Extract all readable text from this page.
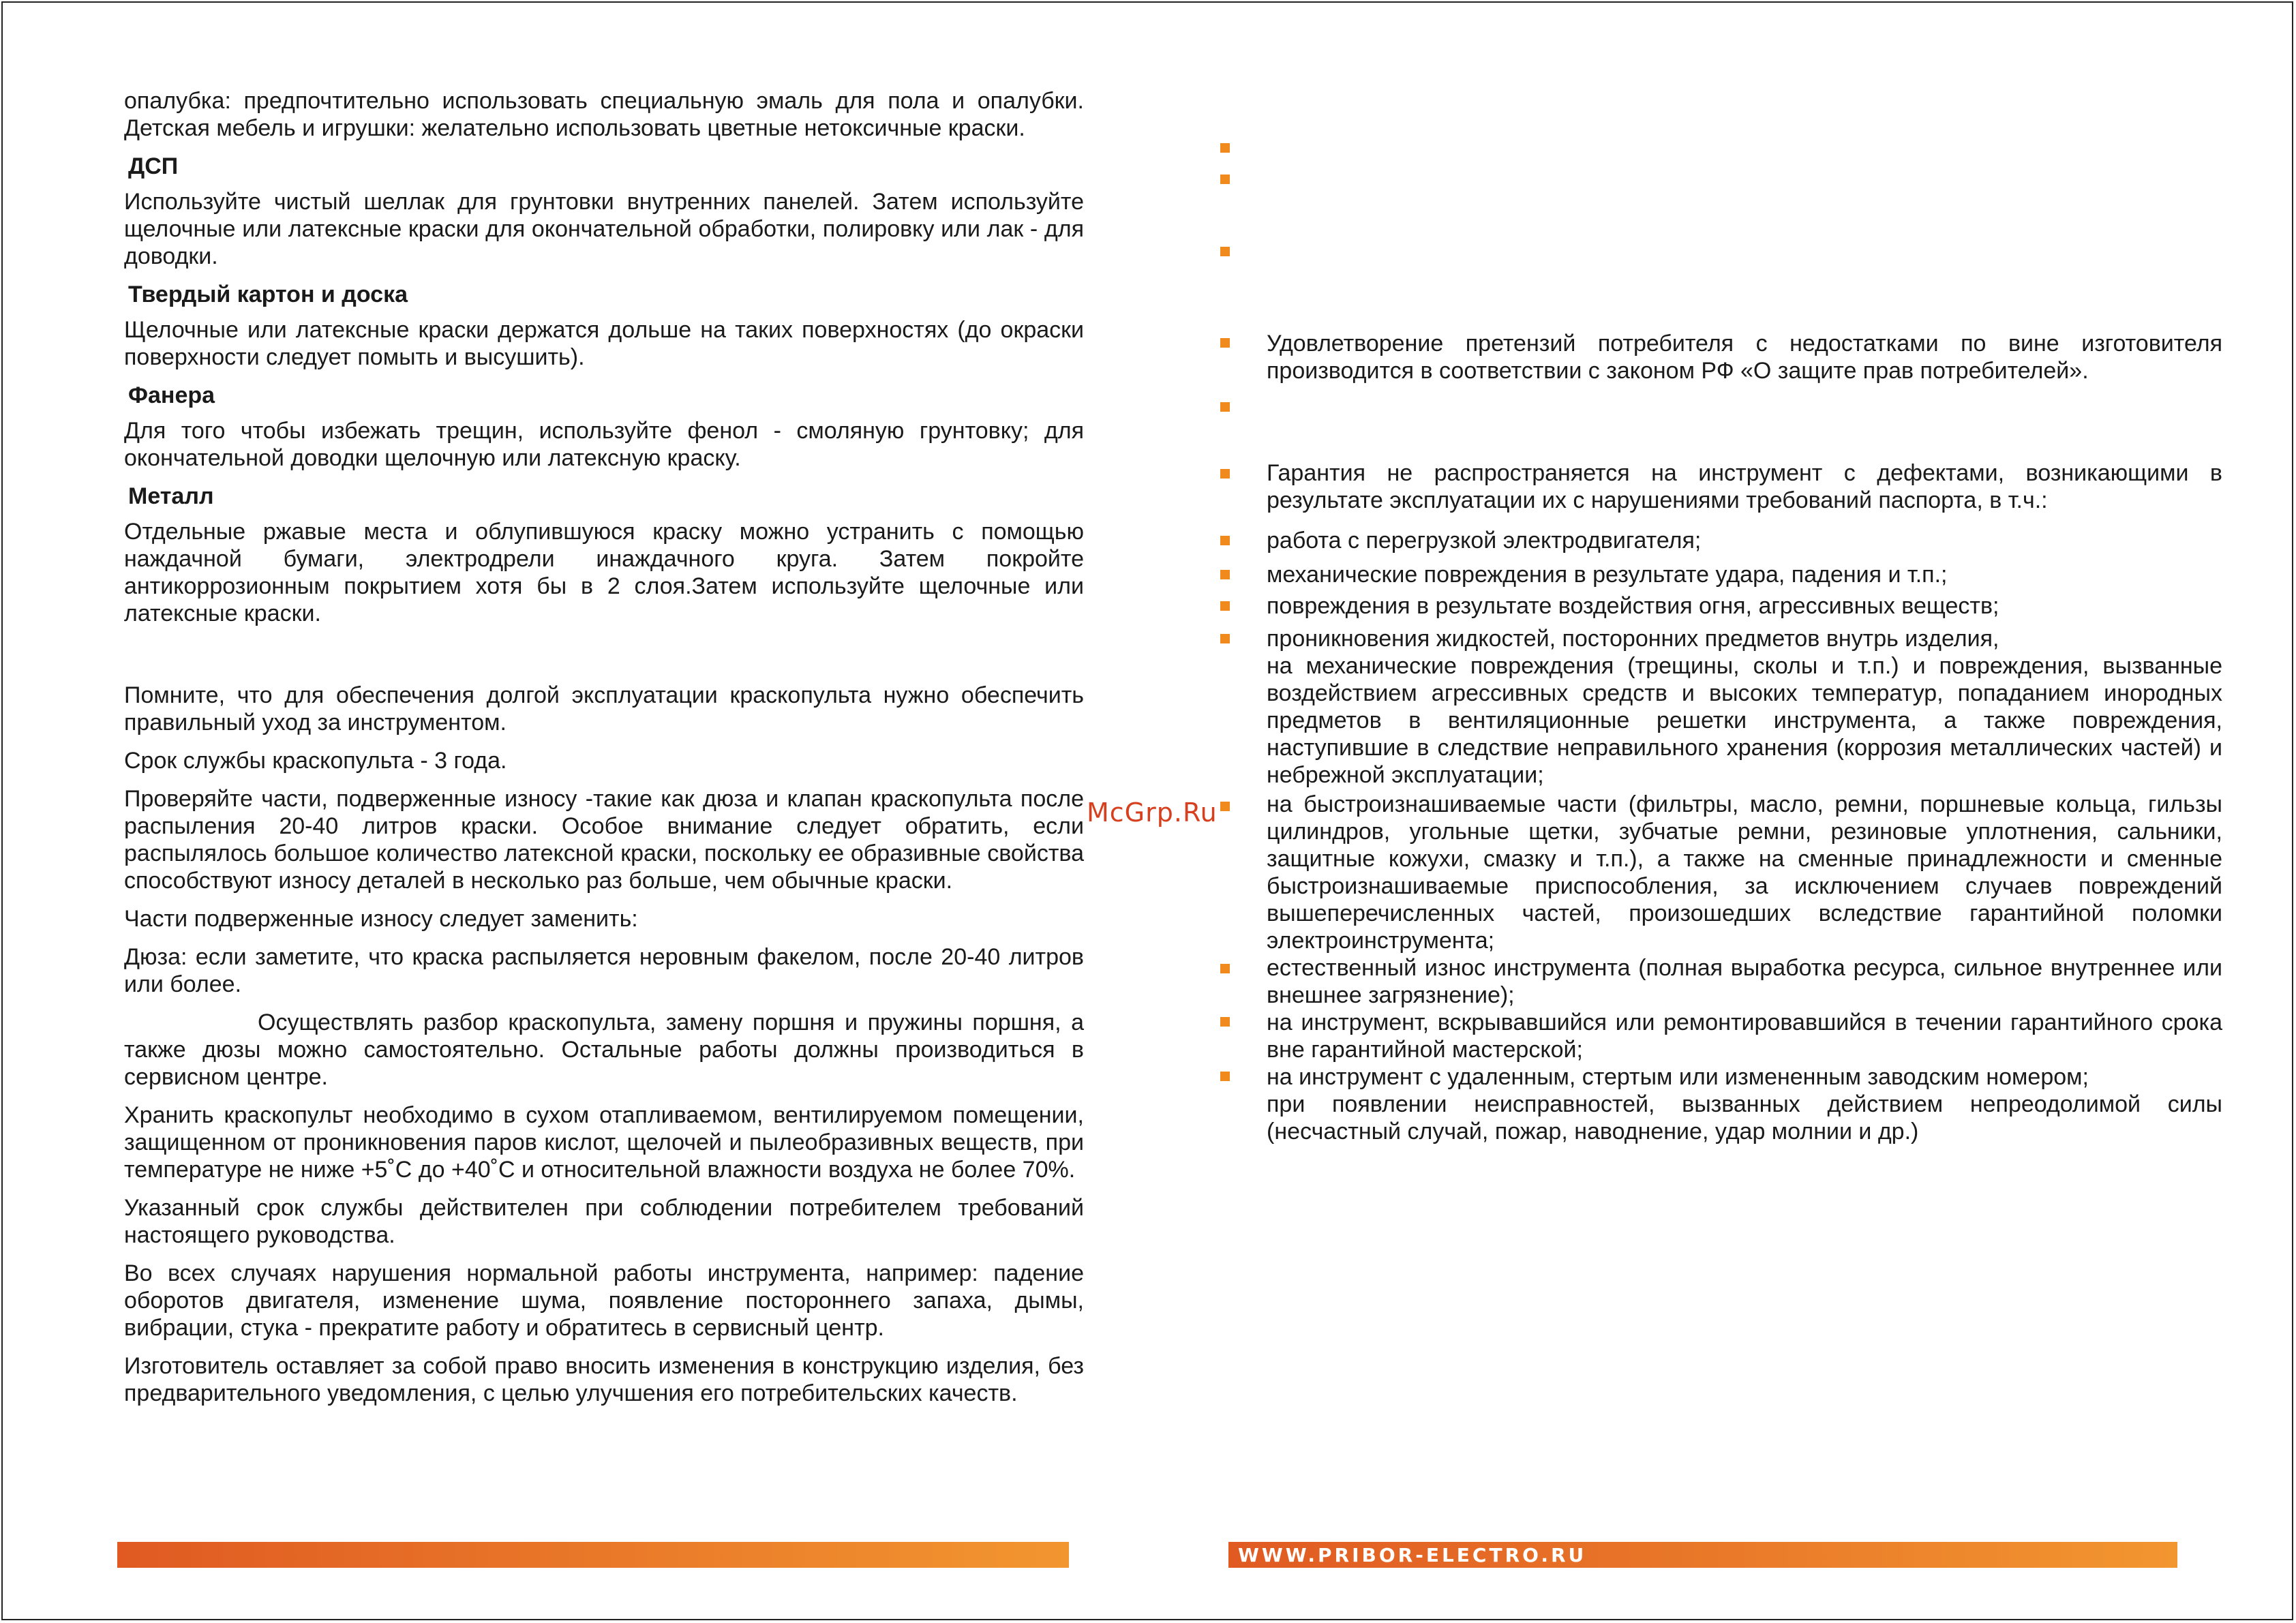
опалубка: предпочтительно использовать специальную эмаль для пола и опалубки. Детская мебель и игрушки: желательно использовать цветные нетоксичные краски.

ДСП

Используйте чистый шеллак для грунтовки внутренних панелей. Затем используйте щелочные или латексные краски для окончательной обработки, полировку или лак - для доводки.

Твердый картон и доска

Щелочные или латексные краски держатся дольше на таких поверхностях (до окраски поверхности следует помыть и высушить).

Фанера

Для того чтобы избежать трещин, используйте фенол - смоляную грунтовку; для окончательной доводки щелочную или латексную краску.

Металл

Отдельные ржавые места и облупившуюся краску можно устранить с помощью наждачной бумаги, электродрели инаждачного круга. Затем покройте антикоррозионным покрытием хотя бы в 2 слоя.Затем используйте щелочные или латексные краски.

Помните, что для обеспечения долгой эксплуатации краскопульта нужно обеспечить правильный уход за инструментом.

Срок службы краскопульта - 3 года.

Проверяйте части, подверженные износу -такие как дюза и клапан краскопульта после распыления 20-40 литров краски. Особое внимание следует обратить, если распылялось большое количество латексной краски, поскольку ее образивные свойства способствуют износу деталей в несколько раз больше, чем обычные краски.

Части подверженные износу следует заменить:

Дюза: если заметите, что краска распыляется неровным факелом, после 20-40 литров или более.

Осуществлять разбор краскопульта, замену поршня и пружины поршня, а также дюзы можно самостоятельно. Остальные работы должны производиться в сервисном центре.

Хранить краскопульт необходимо в сухом отапливаемом, вентилируемом помещении, защищенном от проникновения паров кислот, щелочей и пылеобразивных веществ, при температуре не ниже +5˚С до +40˚С и относительной влажности воздуха не более 70%.

Указанный срок службы действителен при соблюдении потребителем требований настоящего руководства.

Во всех случаях нарушения нормальной работы инструмента, например: падение оборотов двигателя, изменение шума, появление постороннего запаха, дымы, вибрации, стука - прекратите работу и обратитесь в сервисный центр.

Изготовитель оставляет за собой право вносить изменения в конструкцию изделия, без предварительного уведомления, с целью улучшения его потребительских качеств.

McGrp.Ru
Удовлетворение претензий потребителя с недостатками по вине изготовителя производится в соответствии с законом РФ «О защите прав потребителей».
Гарантия не распространяется на инструмент с дефектами, возникающими в результате эксплуатации их с нарушениями требований паспорта, в т.ч.:
работа с перегрузкой электродвигателя;
механические повреждения в результате удара, падения и т.п.;
повреждения в результате воздействия огня, агрессивных веществ;
проникновения жидкостей, посторонних предметов внутрь изделия,
на механические повреждения (трещины, сколы и т.п.) и повреждения, вызванные воздействием агрессивных средств и высоких температур, попаданием инородных предметов в вентиляционные решетки инструмента, а также повреждения, наступившие в следствие неправильного хранения (коррозия металлических частей) и небрежной эксплуатации;
на быстроизнашиваемые части (фильтры, масло, ремни, поршневые кольца, гильзы цилиндров, угольные щетки, зубчатые ремни, резиновые уплотнения, сальники, защитные кожухи, смазку и т.п.), а также на сменные принадлежности и сменные быстроизнашиваемые приспособления, за исключением случаев повреждений вышеперечисленных частей, произошедших вследствие гарантийной поломки электроинструмента;
естественный износ инструмента (полная выработка ресурса, сильное внутреннее или внешнее загрязнение);
на инструмент, вскрывавшийся или ремонтировавшийся в течении гарантийного срока вне гарантийной мастерской;
на инструмент с удаленным, стертым или измененным заводским номером;
при появлении неисправностей, вызванных действием непреодолимой силы (несчастный случай, пожар, наводнение, удар молнии и др.)
WWW.PRIBOR-ELECTRO.RU
